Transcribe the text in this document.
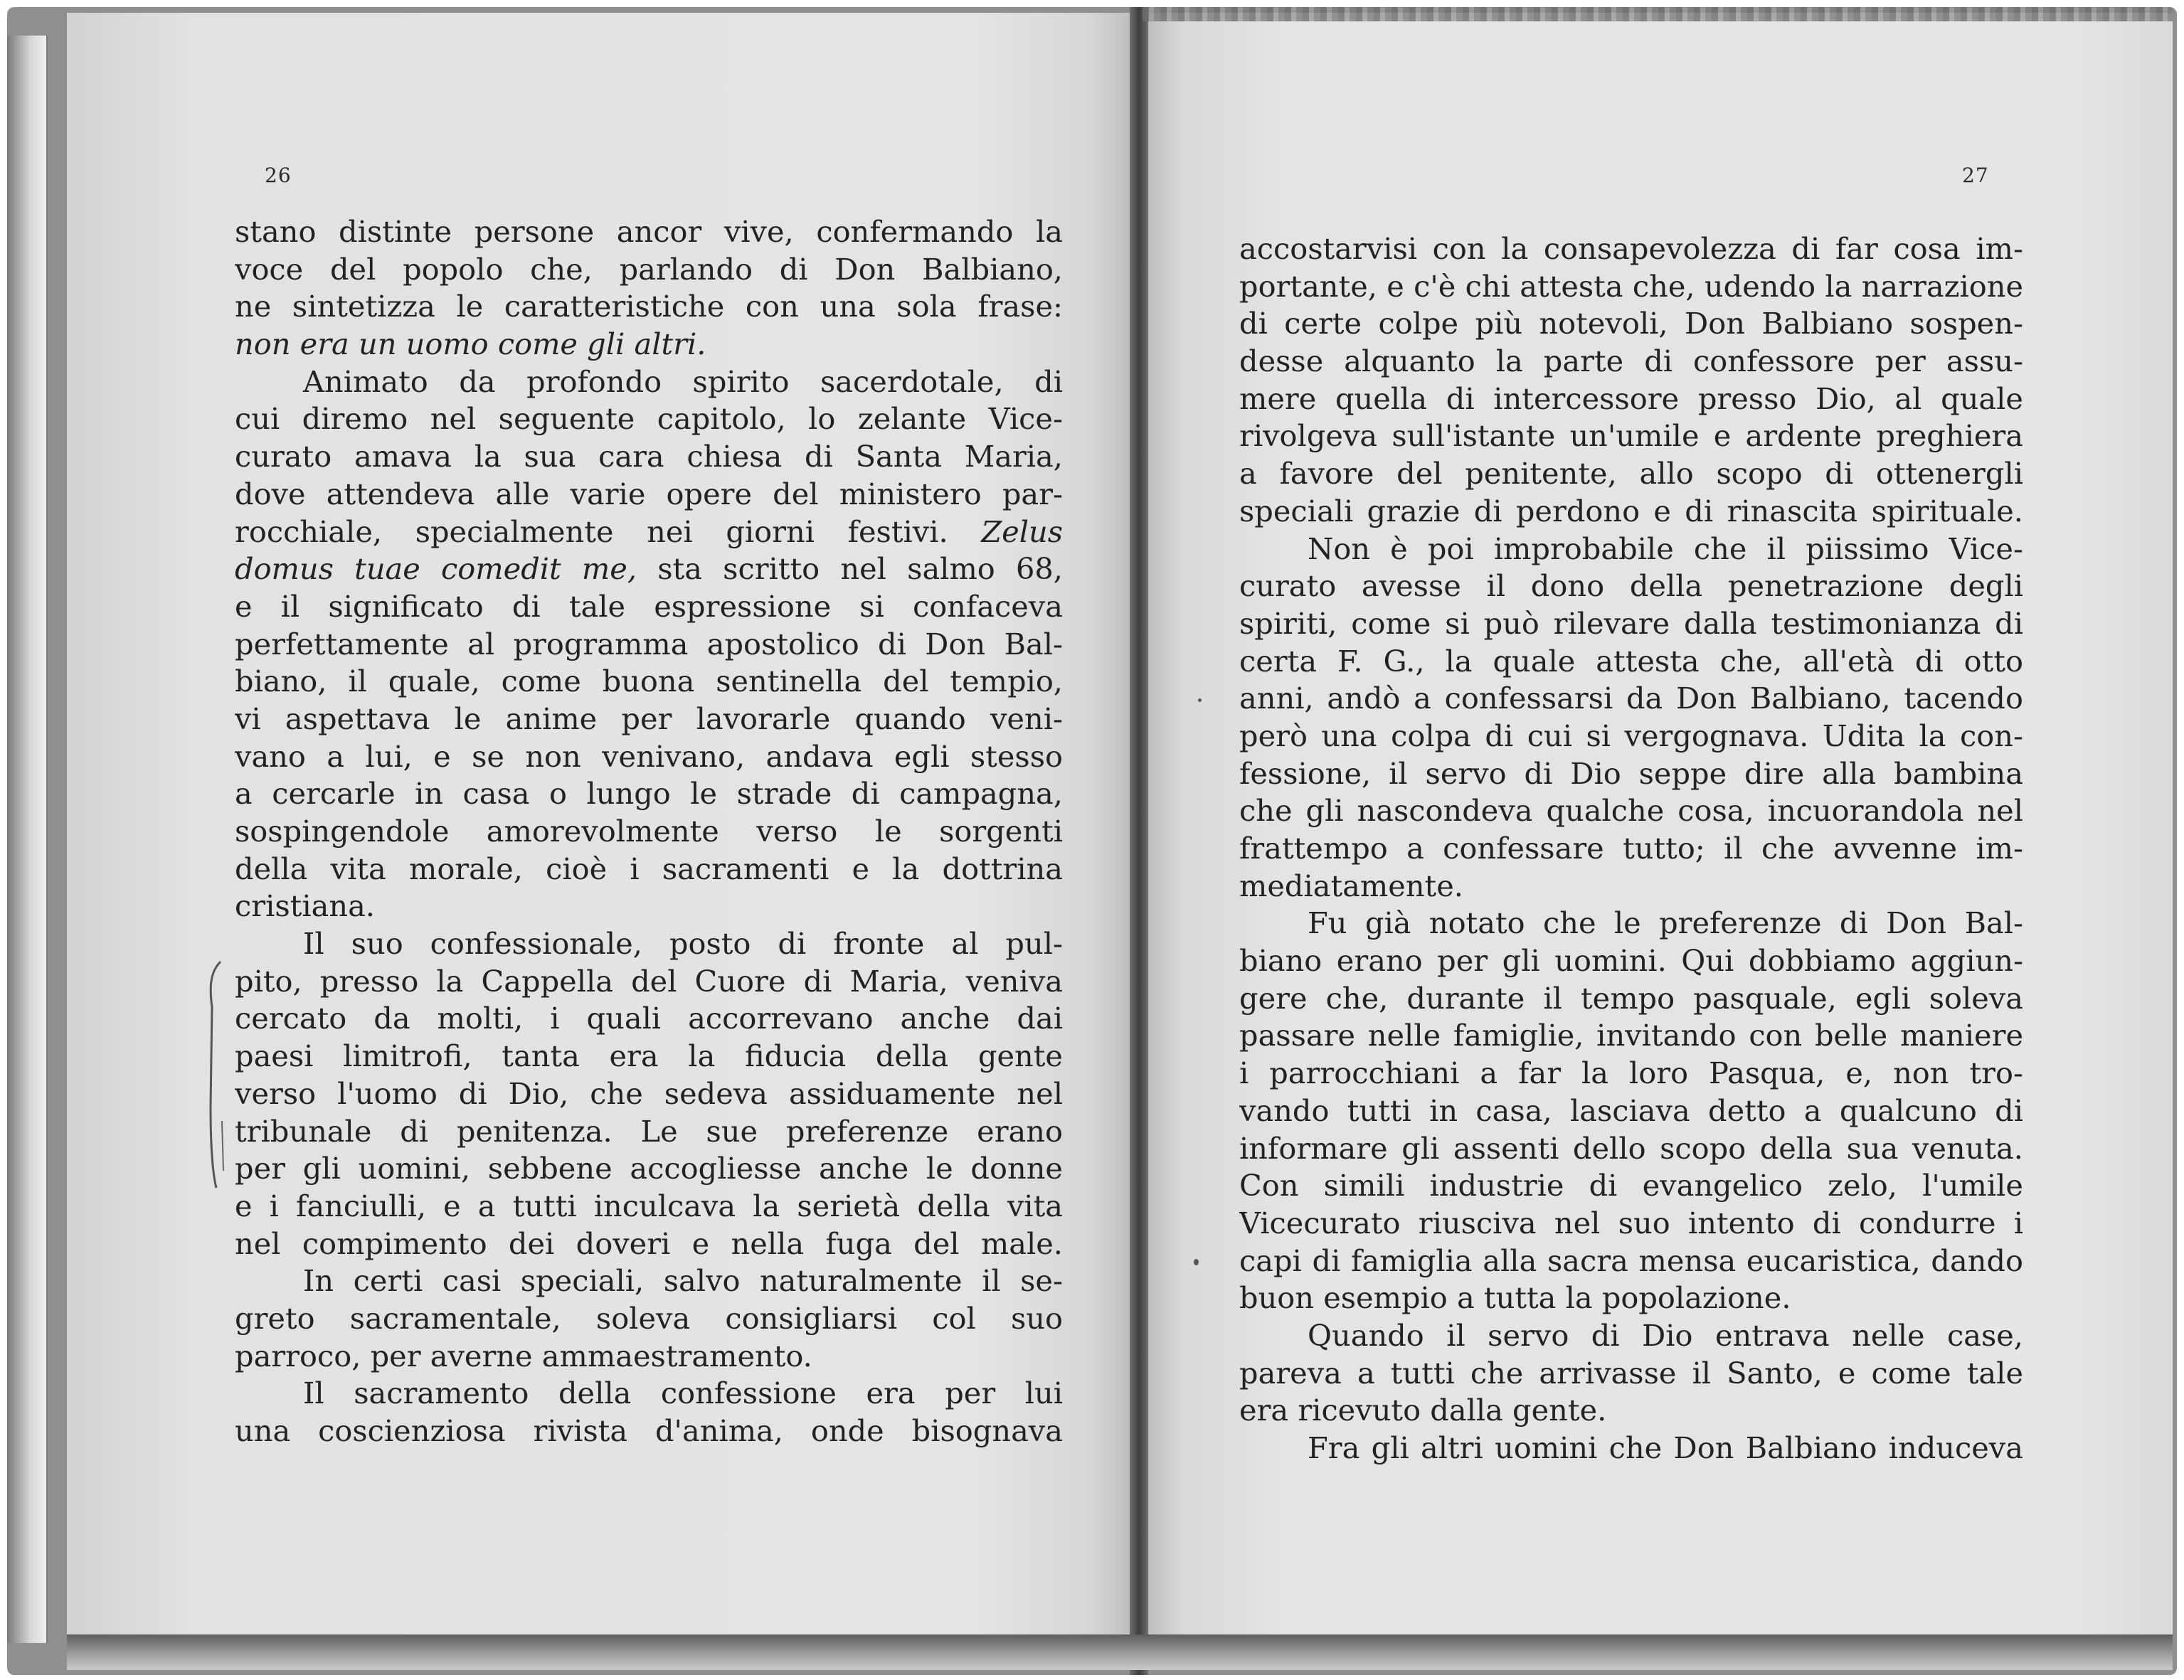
26
stano distinte persone ancor vive, confermando la
voce del popolo che, parlando di Don Balbiano,
ne sintetizza le caratteristiche con una sola frase:
non era un uomo come gli altri.
Animato da profondo spirito sacerdotale, di
cui diremo nel seguente capitolo, lo zelante Vice-
curato amava la sua cara chiesa di Santa Maria,
dove attendeva alle varie opere del ministero par-
rocchiale, specialmente nei giorni festivi. Zelus
domus tuae comedit me, sta scritto nel salmo 68,
e il significato di tale espressione si confaceva
perfettamente al programma apostolico di Don Bal-
biano, il quale, come buona sentinella del tempio,
vi aspettava le anime per lavorarle quando veni-
vano a lui, e se non venivano, andava egli stesso
a cercarle in casa o lungo le strade di campagna,
sospingendole amorevolmente verso le sorgenti
della vita morale, cioè i sacramenti e la dottrina
cristiana.
Il suo confessionale, posto di fronte al pul-
pito, presso la Cappella del Cuore di Maria, veniva
cercato da molti, i quali accorrevano anche dai
paesi limitrofi, tanta era la fiducia della gente
verso l'uomo di Dio, che sedeva assiduamente nel
tribunale di penitenza. Le sue preferenze erano
per gli uomini, sebbene accogliesse anche le donne
e i fanciulli, e a tutti inculcava la serietà della vita
nel compimento dei doveri e nella fuga del male.
In certi casi speciali, salvo naturalmente il se-
greto sacramentale, soleva consigliarsi col suo
parroco, per averne ammaestramento.
Il sacramento della confessione era per lui
una coscienziosa rivista d'anima, onde bisognava
27
accostarvisi con la consapevolezza di far cosa im-
portante, e c'è chi attesta che, udendo la narrazione
di certe colpe più notevoli, Don Balbiano sospen-
desse alquanto la parte di confessore per assu-
mere quella di intercessore presso Dio, al quale
rivolgeva sull'istante un'umile e ardente preghiera
a favore del penitente, allo scopo di ottenergli
speciali grazie di perdono e di rinascita spirituale.
Non è poi improbabile che il piissimo Vice-
curato avesse il dono della penetrazione degli
spiriti, come si può rilevare dalla testimonianza di
certa F. G., la quale attesta che, all'età di otto
anni, andò a confessarsi da Don Balbiano, tacendo
però una colpa di cui si vergognava. Udita la con-
fessione, il servo di Dio seppe dire alla bambina
che gli nascondeva qualche cosa, incuorandola nel
frattempo a confessare tutto; il che avvenne im-
mediatamente.
Fu già notato che le preferenze di Don Bal-
biano erano per gli uomini. Qui dobbiamo aggiun-
gere che, durante il tempo pasquale, egli soleva
passare nelle famiglie, invitando con belle maniere
i parrocchiani a far la loro Pasqua, e, non tro-
vando tutti in casa, lasciava detto a qualcuno di
informare gli assenti dello scopo della sua venuta.
Con simili industrie di evangelico zelo, l'umile
Vicecurato riusciva nel suo intento di condurre i
capi di famiglia alla sacra mensa eucaristica, dando
buon esempio a tutta la popolazione.
Quando il servo di Dio entrava nelle case,
pareva a tutti che arrivasse il Santo, e come tale
era ricevuto dalla gente.
Fra gli altri uomini che Don Balbiano induceva
